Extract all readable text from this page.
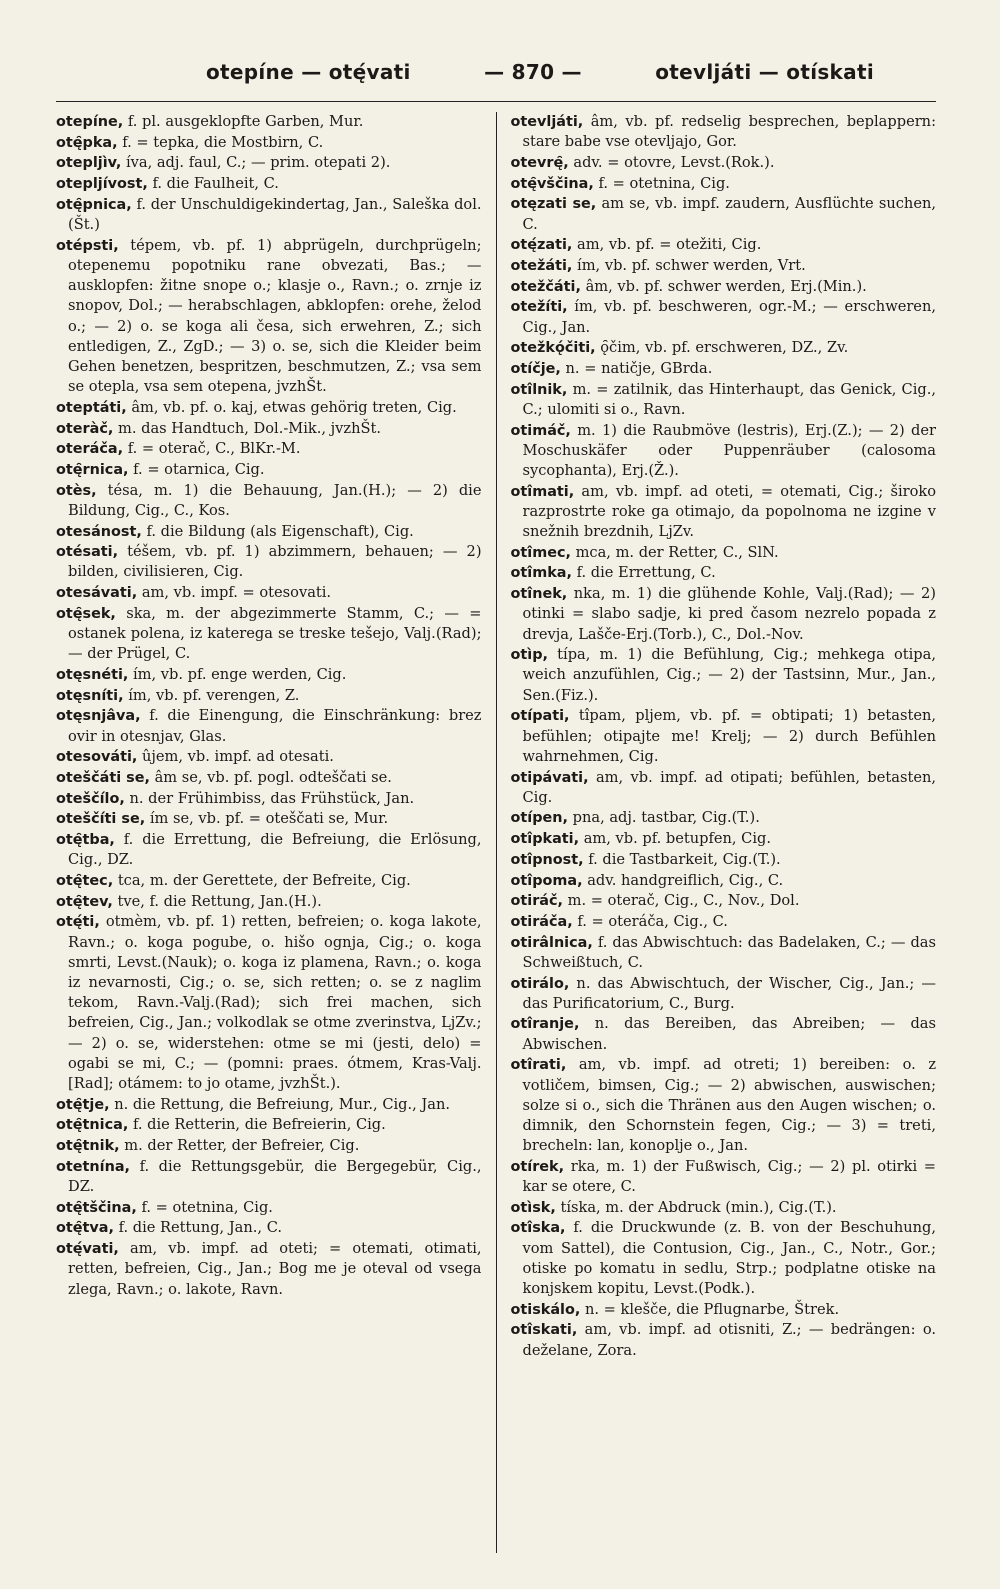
otepíne — otę́vati	— 870 —	otevljáti — otískati

otepíne, f. pl. ausgeklopfte Garben, Mur.

otę̑pka, f. = tepka, die Mostbirn, C.

otepljìv, íva, adj. faul, C.; — prim. otepati 2).

otepljívost, f. die Faulheit, C.

otę̑pnica, f. der Unschuldigekindertag, Jan., Saleška dol.(Št.)

otépsti, tépem, vb. pf. 1) abprügeln, durchprügeln; otepenemu popotniku rane obvezati, Bas.; — ausklopfen: žitne snope o.; klasje o., Ravn.; o. zrnje iz snopov, Dol.; — herabschlagen, abklopfen: orehe, želod o.; — 2) o. se koga ali česa, sich erwehren, Z.; sich entledigen, Z., ZgD.; — 3) o. se, sich die Kleider beim Gehen benetzen, bespritzen, beschmutzen, Z.; vsa sem se otepla, vsa sem otepena, jvzhŠt.

oteptáti, âm, vb. pf. o. kaj, etwas gehörig treten, Cig.

oteràč, m. das Handtuch, Dol.-Mik., jvzhŠt.

oteráča, f. = oterač, C., BlKr.-M.

otę̑rnica, f. = otarnica, Cig.

otès, tésa, m. 1) die Behauung, Jan.(H.); — 2) die Bildung, Cig., C., Kos.

otesánost, f. die Bildung (als Eigenschaft), Cig.

otésati, téšem, vb. pf. 1) abzimmern, behauen; — 2) bilden, civilisieren, Cig.

otesávati, am, vb. impf. = otesovati.

otę̑sek, ska, m. der abgezimmerte Stamm, C.; — = ostanek polena, iz katerega se treske tešejo, Valj.(Rad); — der Prügel, C.

otęsnéti, ím, vb. pf. enge werden, Cig.

otęsníti, ím, vb. pf. verengen, Z.

otęsnjâva, f. die Einengung, die Einschränkung: brez ovir in otesnjav, Glas.

otesováti, ûjem, vb. impf. ad otesati.

oteščáti se, âm se, vb. pf. pogl. odteščati se.

oteščílo, n. der Frühimbiss, das Frühstück, Jan.

oteščíti se, ím se, vb. pf. = oteščati se, Mur.

otę̑tba, f. die Errettung, die Befreiung, die Erlösung, Cig., DZ.

otę̑tec, tca, m. der Gerettete, der Befreite, Cig.

otę̑tev, tve, f. die Rettung, Jan.(H.).

otę́ti, otmèm, vb. pf. 1) retten, befreien; o. koga lakote, Ravn.; o. koga pogube, o. hišo ognja, Cig.; o. koga smrti, Levst.(Nauk); o. koga iz plamena, Ravn.; o. koga iz nevarnosti, Cig.; o. se, sich retten; o. se z naglim tekom, Ravn.-Valj.(Rad); sich frei machen, sich befreien, Cig., Jan.; volkodlak se otme zverinstva, LjZv.; — 2) o. se, widerstehen: otme se mi (jesti, delo) = ogabi se mi, C.; — (pomni: praes. ótmem, Kras-Valj.[Rad]; otámem: to jo otame, jvzhŠt.).

otę̑tje, n. die Rettung, die Befreiung, Mur., Cig., Jan.

otę̑tnica, f. die Retterin, die Befreierin, Cig.

otę̑tnik, m. der Retter, der Befreier, Cig.

otetnína, f. die Rettungsgebür, die Bergegebür, Cig., DZ.

otę̑tščina, f. = otetnina, Cig.

otę̑tva, f. die Rettung, Jan., C.

otę́vati, am, vb. impf. ad oteti; = otemati, otimati, retten, befreien, Cig., Jan.; Bog me je oteval od vsega zlega, Ravn.; o. lakote, Ravn.

otevljáti, âm, vb. pf. redselig besprechen, beplappern: stare babe vse otevljajo, Gor.

otevrę̑, adv. = otovre, Levst.(Rok.).

otę̑vščina, f. = otetnina, Cig.

otęzati se, am se, vb. impf. zaudern, Ausflüchte suchen, C.

otę́zati, am, vb. pf. = otežiti, Cig.

otežáti, ím, vb. pf. schwer werden, Vrt.

otežčáti, âm, vb. pf. schwer werden, Erj.(Min.).

otežíti, ím, vb. pf. beschweren, ogr.-M.; — erschweren, Cig., Jan.

otežkǫ́čiti, ǫ̑čim, vb. pf. erschweren, DZ., Zv.

otíčje, n. = natičje, GBrda.

otîlnik, m. = zatilnik, das Hinterhaupt, das Genick, Cig., C.; ulomiti si o., Ravn.

otimáč, m. 1) die Raubmöve (lestris), Erj.(Z.); — 2) der Moschuskäfer oder Puppenräuber (calosoma sycophanta), Erj.(Ž.).

otîmati, am, vb. impf. ad oteti, = otemati, Cig.; široko razprostrte roke ga otimajo, da popolnoma ne izgine v snežnih brezdnih, LjZv.

otîmec, mca, m. der Retter, C., SlN.

otîmka, f. die Errettung, C.

otînek, nka, m. 1) die glühende Kohle, Valj.(Rad); — 2) otinki = slabo sadje, ki pred časom nezrelo popada z drevja, Lašče-Erj.(Torb.), C., Dol.-Nov.

otìp, típa, m. 1) die Befühlung, Cig.; mehkega otipa, weich anzufühlen, Cig.; — 2) der Tastsinn, Mur., Jan., Sen.(Fiz.).

otípati, tîpam, pljem, vb. pf. = obtipati; 1) betasten, befühlen; otipajte me! Krelj; — 2) durch Befühlen wahrnehmen, Cig.

otipávati, am, vb. impf. ad otipati; befühlen, betasten, Cig.

otípen, pna, adj. tastbar, Cig.(T.).

otîpkati, am, vb. pf. betupfen, Cig.

otîpnost, f. die Tastbarkeit, Cig.(T.).

otîpoma, adv. handgreiflich, Cig., C.

otiráč, m. = oterač, Cig., C., Nov., Dol.

otiráča, f. = oteráča, Cig., C.

otirâlnica, f. das Abwischtuch: das Badelaken, C.; — das Schweißtuch, C.

otirálo, n. das Abwischtuch, der Wischer, Cig., Jan.; — das Purificatorium, C., Burg.

otîranje, n. das Bereiben, das Abreiben; — das Abwischen.

otîrati, am, vb. impf. ad otreti; 1) bereiben: o. z votličem, bimsen, Cig.; — 2) abwischen, auswischen; solze si o., sich die Thränen aus den Augen wischen; o. dimnik, den Schornstein fegen, Cig.; — 3) = treti, brecheln: lan, konoplje o., Jan.

otírek, rka, m. 1) der Fußwisch, Cig.; — 2) pl. otirki = kar se otere, C.

otìsk, tíska, m. der Abdruck (min.), Cig.(T.).

otîska, f. die Druckwunde (z. B. von der Beschuhung, vom Sattel), die Contusion, Cig., Jan., C., Notr., Gor.; otiske po komatu in sedlu, Strp.; podplatne otiske na konjskem kopitu, Levst.(Podk.).

otiskálo, n. = klešče, die Pflugnarbe, Štrek.

otîskati, am, vb. impf. ad otisniti, Z.; — bedrängen: o. deželane, Zora.
